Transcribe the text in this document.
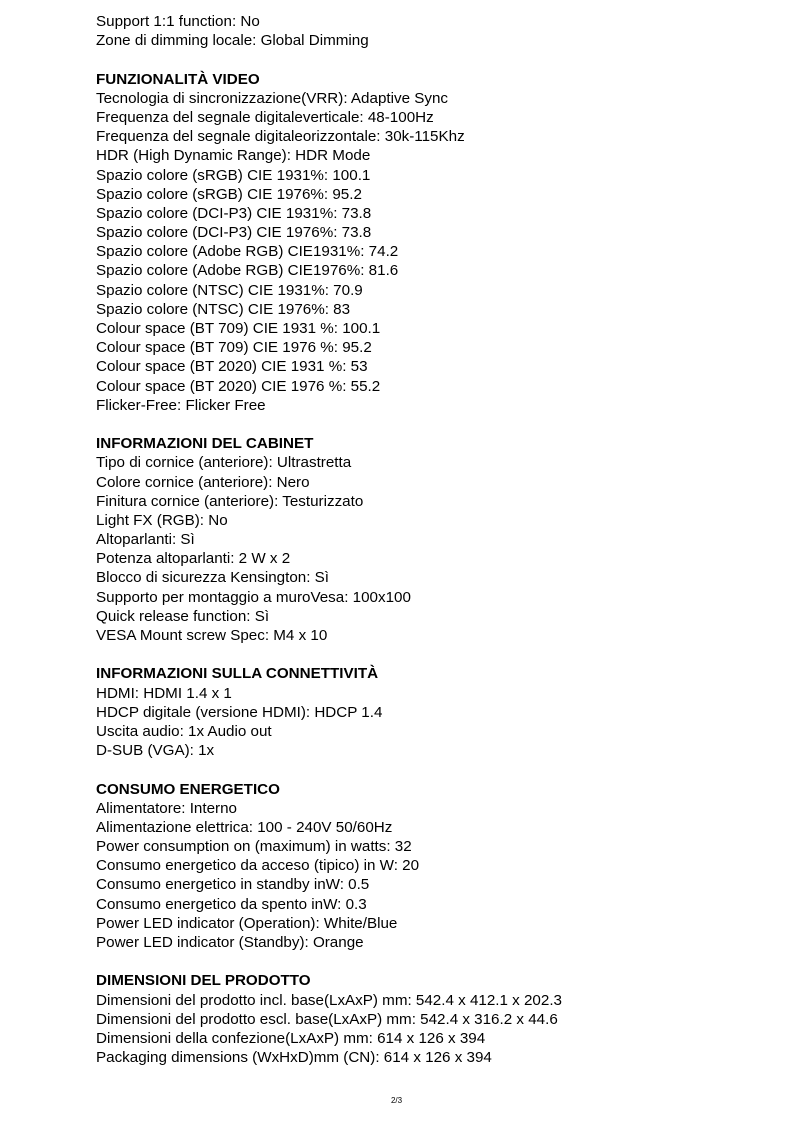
Support 1:1 function: No
Zone di dimming locale: Global Dimming
FUNZIONALITÀ VIDEO
Tecnologia di sincronizzazione(VRR): Adaptive Sync
Frequenza del segnale digitaleverticale: 48-100Hz
Frequenza del segnale digitaleorizzontale: 30k-115Khz
HDR (High Dynamic Range): HDR Mode
Spazio colore (sRGB) CIE 1931%: 100.1
Spazio colore (sRGB) CIE 1976%: 95.2
Spazio colore (DCI-P3) CIE 1931%: 73.8
Spazio colore (DCI-P3) CIE 1976%: 73.8
Spazio colore (Adobe RGB) CIE1931%: 74.2
Spazio colore (Adobe RGB) CIE1976%: 81.6
Spazio colore (NTSC) CIE 1931%: 70.9
Spazio colore (NTSC) CIE 1976%: 83
Colour space (BT 709) CIE 1931 %: 100.1
Colour space (BT 709) CIE 1976 %: 95.2
Colour space (BT 2020) CIE 1931 %: 53
Colour space (BT 2020) CIE 1976 %: 55.2
Flicker-Free: Flicker Free
INFORMAZIONI DEL CABINET
Tipo di cornice (anteriore): Ultrastretta
Colore cornice (anteriore): Nero
Finitura cornice (anteriore): Testurizzato
Light FX (RGB): No
Altoparlanti: Sì
Potenza altoparlanti: 2 W x 2
Blocco di sicurezza Kensington: Sì
Supporto per montaggio a muroVesa: 100x100
Quick release function: Sì
VESA Mount screw Spec: M4 x 10
INFORMAZIONI SULLA CONNETTIVITÀ
HDMI: HDMI 1.4 x 1
HDCP digitale (versione HDMI): HDCP 1.4
Uscita audio: 1x Audio out
D-SUB (VGA): 1x
CONSUMO ENERGETICO
Alimentatore: Interno
Alimentazione elettrica: 100 - 240V 50/60Hz
Power consumption on (maximum) in watts: 32
Consumo energetico da acceso (tipico) in W: 20
Consumo energetico in standby inW: 0.5
Consumo energetico da spento inW: 0.3
Power LED indicator (Operation): White/Blue
Power LED indicator (Standby): Orange
DIMENSIONI DEL PRODOTTO
Dimensioni del prodotto incl. base(LxAxP) mm: 542.4 x 412.1 x 202.3
Dimensioni del prodotto escl. base(LxAxP) mm: 542.4 x 316.2 x 44.6
Dimensioni della confezione(LxAxP) mm: 614 x 126 x 394
Packaging dimensions (WxHxD)mm (CN): 614 x 126 x 394
2/3
